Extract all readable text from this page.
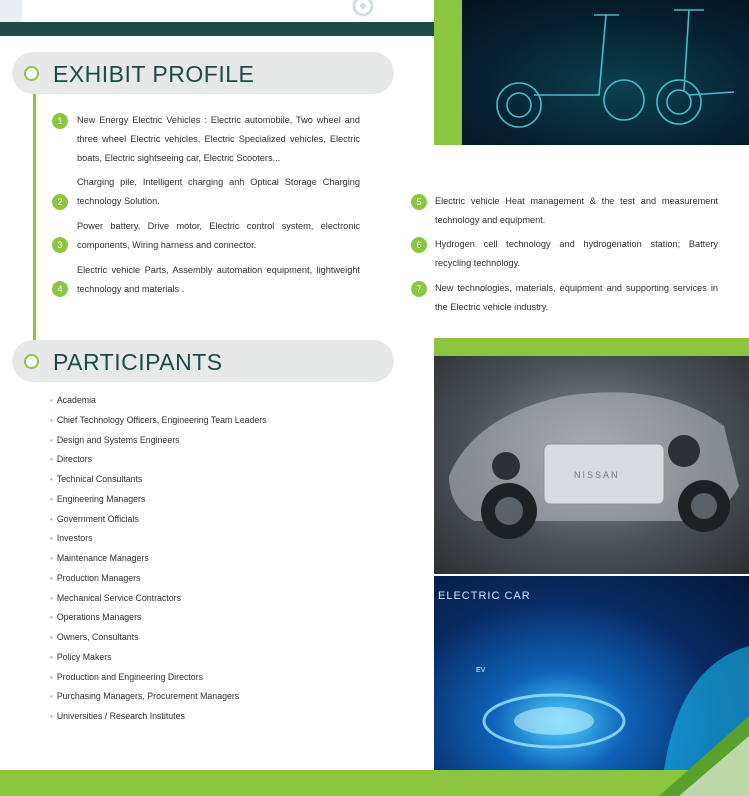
NISSAN
ELECTRIC CAR
EV
EXHIBIT PROFILE
1	New Energy Electric Vehicles : Electric automobile, Two wheel and three wheel Electric vehicles, Electric Specialized vehicles, Electric boats, Electric sightseeing car, Electric Scooters...
2
Charging pile, Intelligent charging anh Optical Storage Charging technology Solution.
3
Power battery, Drive motor, Electric control system, electronic components, Wiring harness and connector.
4
Electric vehicle Parts, Assembly automation equipment, lightweight technology and materials .
5	Electric vehicle Heat management & the test and measurement technology and equipment.
6	Hydrogen cell technology and hydrogenation station; Battery recycling technology.
7	New technologies, materials, equipment and supporting services in the Electric vehicle industry.
PARTICIPANTS
• Academia
• Chief Technology Officers, Engineering Team Leaders
• Design and Systems Engineers
• Directors
• Technical Consultants
• Engineering Managers
• Government Officials
• Investors
• Maintenance Managers
• Production Managers
• Mechanical Service Contractors
• Operations Managers
• Owners, Consultants
• Policy Makers
• Production and Engineering Directors
• Purchasing Managers, Procurement Managers
• Universities / Research Institutes
